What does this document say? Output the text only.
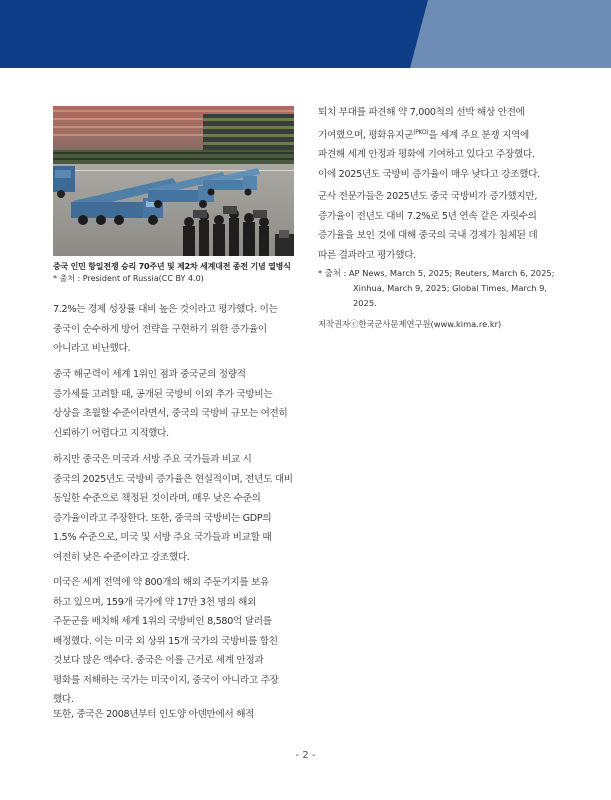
중국 인민 항일전쟁 승리 70주년 및 제2차 세계대전 종전 기념 열병식
* 출처 : President of Russia(CC BY 4.0)
7.2%는 경제 성장률 대비 높은 것이라고 평가했다. 이는
중국이 순수하게 방어 전략을 구현하기 위한 증가율이
아니라고 비난했다.
중국 해군력이 세계 1위인 점과 중국군의 정량적
증가세를 고려할 때, 공개된 국방비 이외 추가 국방비는
상상을 초월할 수준이라면서, 중국의 국방비 규모는 여전히
신뢰하기 어렵다고 지적했다.
하지만 중국은 미국과 서방 주요 국가들과 비교 시
중국의 2025년도 국방비 증가율은 현실적이며, 전년도 대비
동일한 수준으로 책정된 것이라며, 매우 낮은 수준의
증가율이라고 주장한다. 또한, 중국의 국방비는 GDP의
1.5% 수준으로, 미국 및 서방 주요 국가들과 비교할 때
여전히 낮은 수준이라고 강조했다.
미국은 세계 전역에 약 800개의 해외 주둔기지를 보유
하고 있으며, 159개 국가에 약 17만 3천 명의 해외
주둔군을 배치해 세계 1위의 국방비인 8,580억 달러를
배정했다. 이는 미국 외 상위 15개 국가의 국방비를 합친
것보다 많은 액수다. 중국은 이를 근거로 세계 안정과
평화를 저해하는 국가는 미국이지, 중국이 아니라고 주장
했다.
또한, 중국은 2008년부터 인도양 아덴만에서 해적
퇴치 부대를 파견해 약 7,000척의 선박 해상 안전에
기여했으며, 평화유지군$^{(PKO)}$을 세계 주요 분쟁 지역에
파견해 세계 안정과 평화에 기여하고 있다고 주장했다.
이에 2025년도 국방비 증가율이 매우 낮다고 강조했다.
군사 전문가들은 2025년도 중국 국방비가 증가했지만,
증가율이 전년도 대비 7.2%로 5년 연속 같은 자릿수의
증가율을 보인 것에 대해 중국의 국내 경제가 침체된 데
따른 결과라고 평가했다.
* 출처 : AP News, March 5, 2025; Reuters, March 6, 2025;
Xinhua, March 9, 2025; Global Times, March 9,
2025.
저작권자ⓒ한국군사문제연구원(www.kima.re.kr)
- 2 -
